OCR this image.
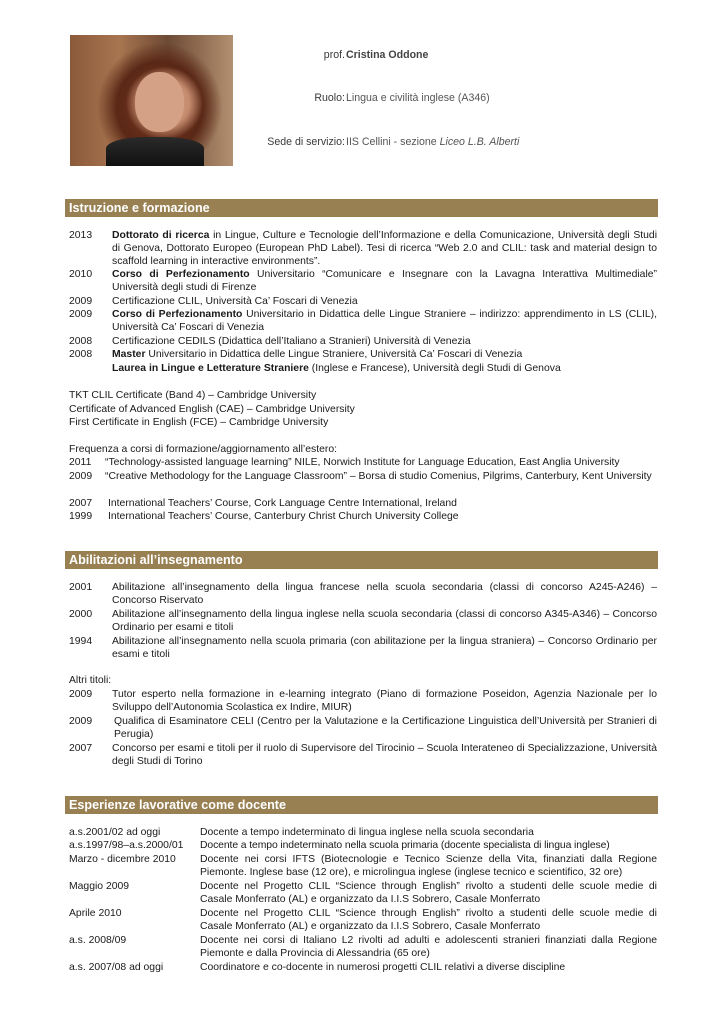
prof. Cristina Oddone
Ruolo: Lingua e civilità inglese (A346)
Sede di servizio: IIS Cellini - sezione Liceo L.B. Alberti
Istruzione e formazione
2013 Dottorato di ricerca in Lingue, Culture e Tecnologie dell’Informazione e della Comunicazione, Università degli Studi di Genova, Dottorato Europeo (European PhD Label). Tesi di ricerca “Web 2.0 and CLIL: task and material design to scaffold learning in interactive environments”.
2010 Corso di Perfezionamento Universitario “Comunicare e Insegnare con la Lavagna Interattiva Multimediale” Università degli studi di Firenze
2009 Certificazione CLIL, Università Ca’ Foscari di Venezia
2009 Corso di Perfezionamento Universitario in Didattica delle Lingue Straniere – indirizzo: apprendimento in LS (CLIL), Università Ca’ Foscari di Venezia
2008 Certificazione CEDILS (Didattica dell’Italiano a Stranieri) Università di Venezia
2008 Master Universitario in Didattica delle Lingue Straniere, Università Ca’ Foscari di Venezia
Laurea in Lingue e Letterature Straniere (Inglese e Francese), Università degli Studi di Genova
TKT CLIL Certificate (Band 4) – Cambridge University
Certificate of Advanced English (CAE) – Cambridge University
First Certificate in English (FCE) – Cambridge University
Frequenza a corsi di formazione/aggiornamento all’estero:
2011 “Technology-assisted language learning” NILE, Norwich Institute for Language Education, East Anglia University
2009 “Creative Methodology for the Language Classroom” – Borsa di studio Comenius, Pilgrims, Canterbury, Kent University
2007 International Teachers’ Course, Cork Language Centre International, Ireland
1999 International Teachers’ Course, Canterbury Christ Church University College
Abilitazioni all’insegnamento
2001 Abilitazione all’insegnamento della lingua francese nella scuola secondaria (classi di concorso A245-A246) – Concorso Riservato
2000 Abilitazione all’insegnamento della lingua inglese nella scuola secondaria (classi di concorso A345-A346) – Concorso Ordinario per esami e titoli
1994 Abilitazione all’insegnamento nella scuola primaria (con abilitazione per la lingua straniera) – Concorso Ordinario per esami e titoli
Altri titoli:
2009 Tutor esperto nella formazione in e-learning integrato (Piano di formazione Poseidon, Agenzia Nazionale per lo Sviluppo dell’Autonomia Scolastica ex Indire, MIUR)
2009 Qualifica di Esaminatore CELI (Centro per la Valutazione e la Certificazione Linguistica dell’Università per Stranieri di Perugia)
2007 Concorso per esami e titoli per il ruolo di Supervisore del Tirocinio – Scuola Interateneo di Specializzazione, Università degli Studi di Torino
Esperienze lavorative come docente
a.s.2001/02 ad oggi	Docente a tempo indeterminato di lingua inglese nella scuola secondaria
a.s.1997/98–a.s.2000/01 Docente a tempo indeterminato nella scuola primaria (docente specialista di lingua inglese)
Marzo - dicembre 2010 Docente nei corsi IFTS (Biotecnologie e Tecnico Scienze della Vita, finanziati dalla Regione Piemonte. Inglese base (12 ore), e microlingua inglese (inglese tecnico e scientifico, 32 ore)
Maggio 2009	Docente nel Progetto CLIL “Science through English” rivolto a studenti delle scuole medie di Casale Monferrato (AL) e organizzato da I.I.S Sobrero, Casale Monferrato
Aprile 2010	Docente nel Progetto CLIL “Science through English” rivolto a studenti delle scuole medie di Casale Monferrato (AL) e organizzato da I.I.S Sobrero, Casale Monferrato
a.s. 2008/09	Docente nei corsi di Italiano L2 rivolti ad adulti e adolescenti stranieri finanziati dalla Regione Piemonte e dalla Provincia di Alessandria (65 ore)
a.s. 2007/08 ad oggi	Coordinatore e co-docente in numerosi progetti CLIL relativi a diverse discipline
